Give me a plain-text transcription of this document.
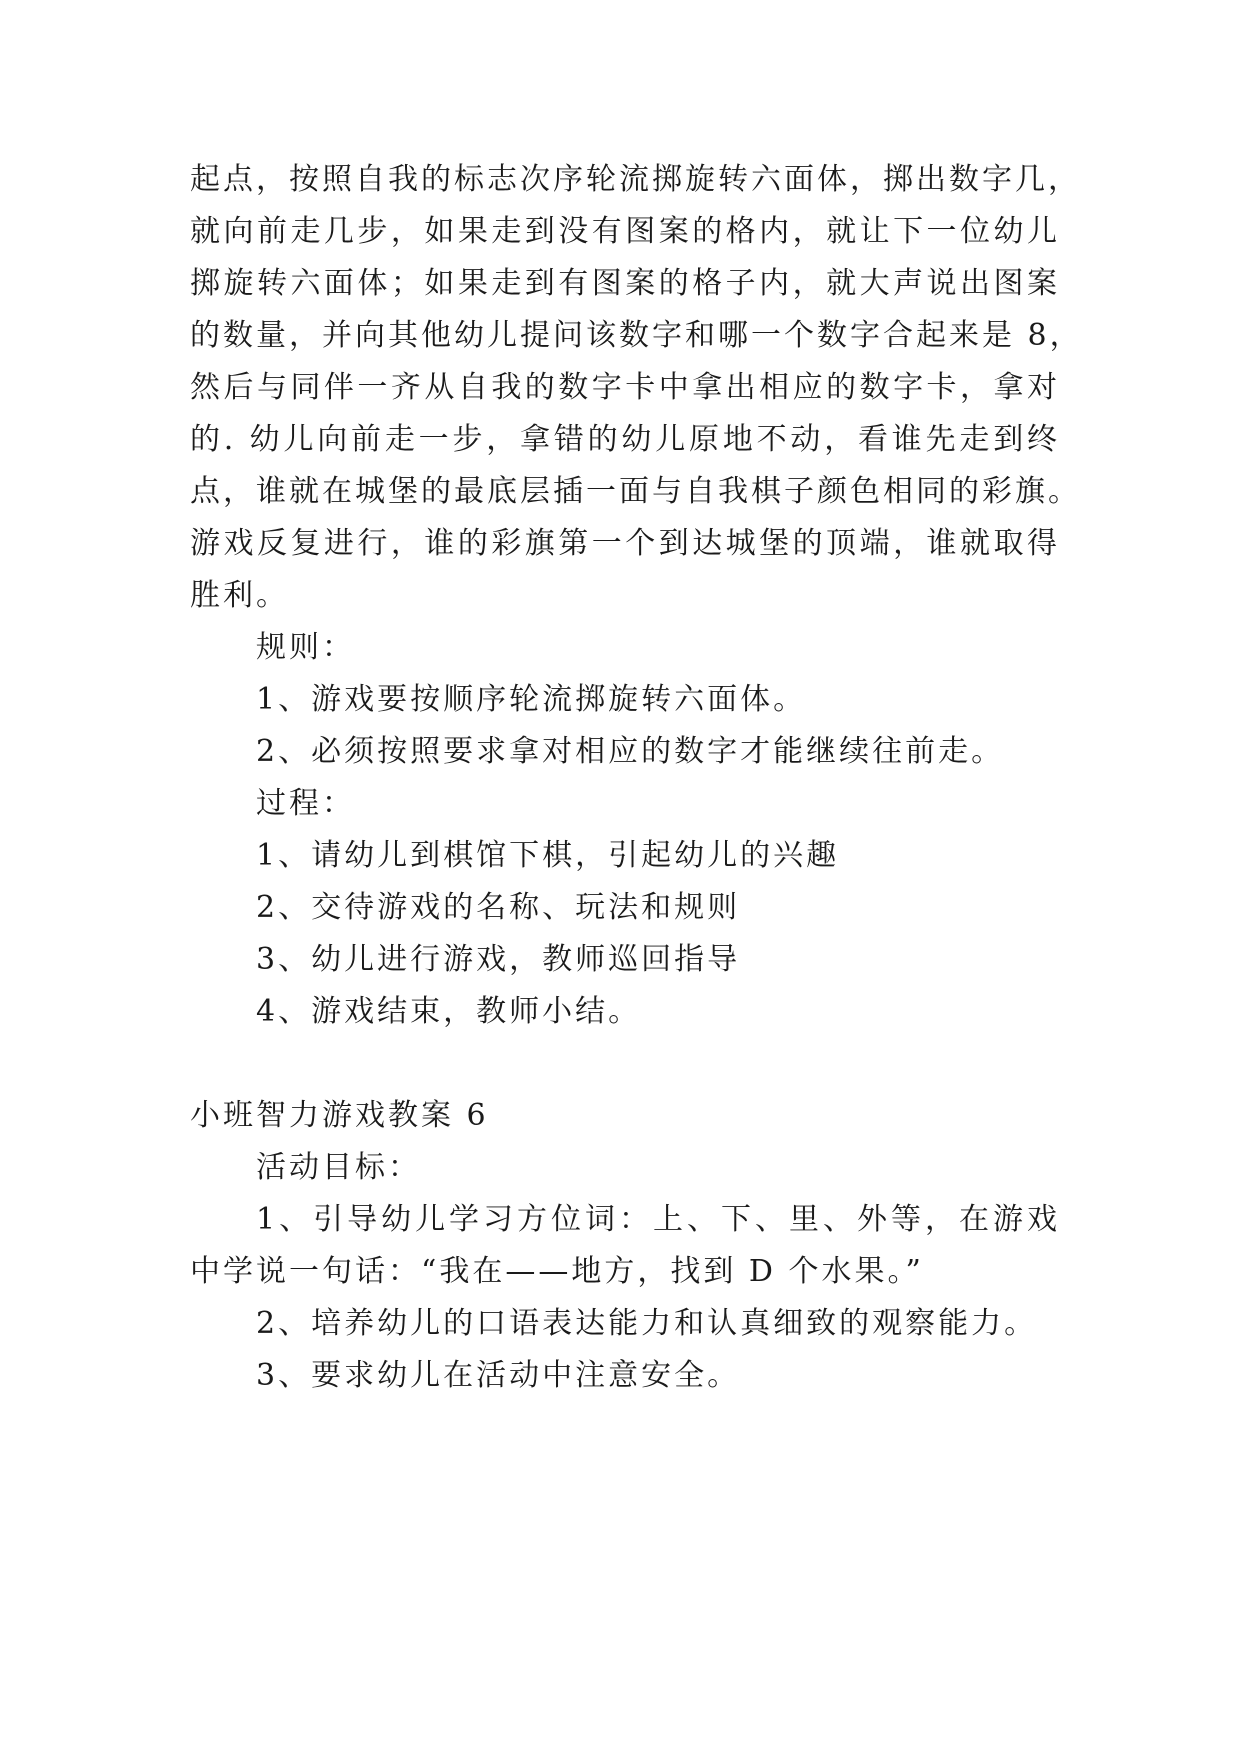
起点，按照自我的标志次序轮流掷旋转六面体，掷出数字几，
就向前走几步，如果走到没有图案的格内，就让下一位幼儿
掷旋转六面体；如果走到有图案的格子内，就大声说出图案
的数量，并向其他幼儿提问该数字和哪一个数字合起来是 8，
然后与同伴一齐从自我的数字卡中拿出相应的数字卡，拿对
的. 幼儿向前走一步，拿错的幼儿原地不动，看谁先走到终
点，谁就在城堡的最底层插一面与自我棋子颜色相同的彩旗。
游戏反复进行，谁的彩旗第一个到达城堡的顶端，谁就取得
胜利。
规则：
1、游戏要按顺序轮流掷旋转六面体。
2、必须按照要求拿对相应的数字才能继续往前走。
过程：
1、请幼儿到棋馆下棋，引起幼儿的兴趣
2、交待游戏的名称、玩法和规则
3、幼儿进行游戏，教师巡回指导
4、游戏结束，教师小结。
小班智力游戏教案 6
活动目标：
1、引导幼儿学习方位词：上、下、里、外等，在游戏
中学说一句话：“我在——地方，找到 D 个水果。”
2、培养幼儿的口语表达能力和认真细致的观察能力。
3、要求幼儿在活动中注意安全。
